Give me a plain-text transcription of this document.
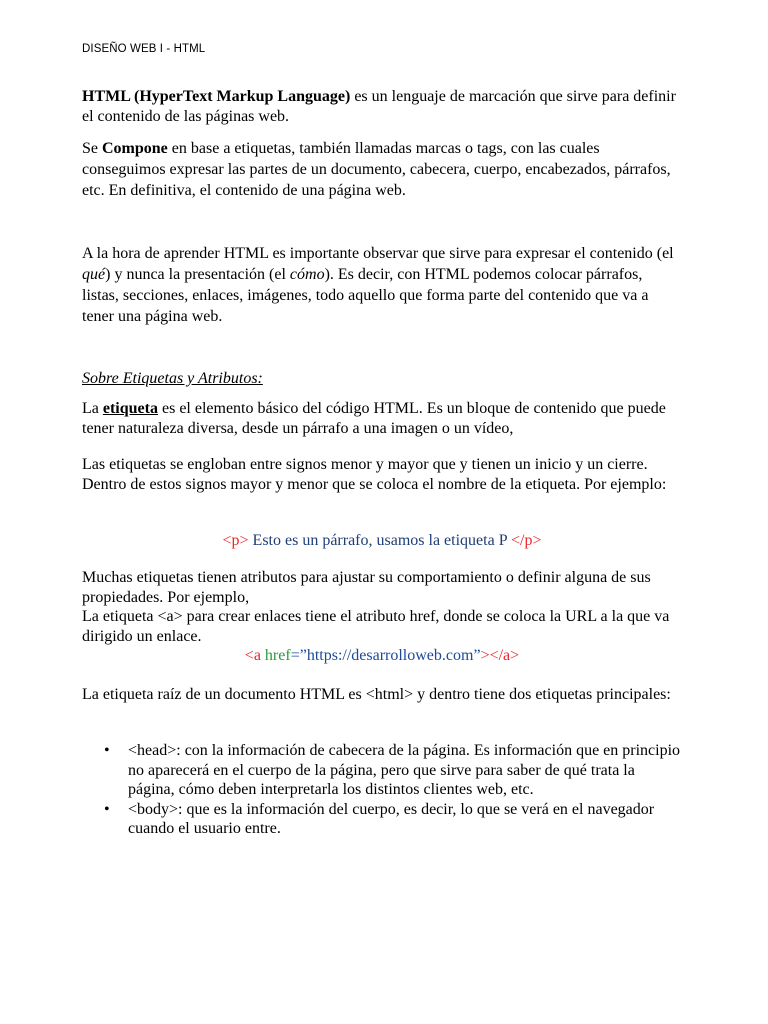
DISEÑO WEB I - HTML

HTML (HyperText Markup Language) es un lenguaje de marcación que sirve para definir el contenido de las páginas web.

Se Compone en base a etiquetas, también llamadas marcas o tags, con las cuales conseguimos expresar las partes de un documento, cabecera, cuerpo, encabezados, párrafos, etc. En definitiva, el contenido de una página web.

A la hora de aprender HTML es importante observar que sirve para expresar el contenido (el qué) y nunca la presentación (el cómo). Es decir, con HTML podemos colocar párrafos, listas, secciones, enlaces, imágenes, todo aquello que forma parte del contenido que va a tener una página web.

Sobre Etiquetas y Atributos:

La etiqueta es el elemento básico del código HTML. Es un bloque de contenido que puede tener naturaleza diversa, desde un párrafo a una imagen o un vídeo,

Las etiquetas se engloban entre signos menor y mayor que y tienen un inicio y un cierre. Dentro de estos signos mayor y menor que se coloca el nombre de la etiqueta. Por ejemplo:

<p> Esto es un párrafo, usamos la etiqueta P </p>

Muchas etiquetas tienen atributos para ajustar su comportamiento o definir alguna de sus propiedades. Por ejemplo,

La etiqueta <a> para crear enlaces tiene el atributo href, donde se coloca la URL a la que va dirigido un enlace.

<a href=”https://desarrolloweb.com”></a>

La etiqueta raíz de un documento HTML es <html> y dentro tiene dos etiquetas principales:

• <head>: con la información de cabecera de la página. Es información que en principio no aparecerá en el cuerpo de la página, pero que sirve para saber de qué trata la página, cómo deben interpretarla los distintos clientes web, etc.
• <body>: que es la información del cuerpo, es decir, lo que se verá en el navegador cuando el usuario entre.
